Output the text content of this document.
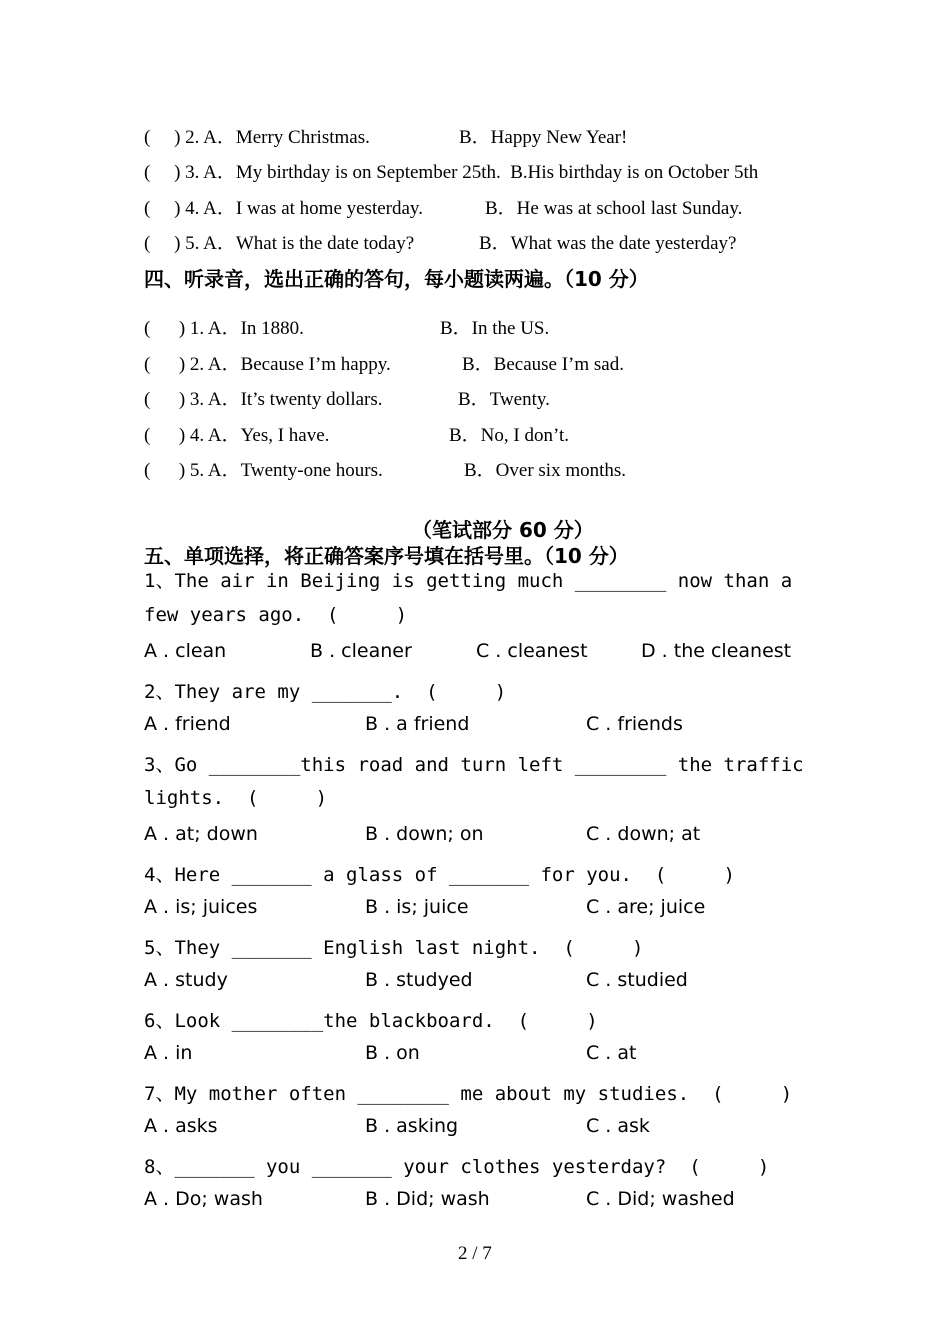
(     ) 2. A．Merry Christmas.	B．Happy New Year!
(     ) 3. A．My birthday is on September 25th.  B.His birthday is on October 5th
(     ) 4. A．I was at home yesterday.	B．He was at school last Sunday.
(     ) 5. A．What is the date today?	B．What was the date yesterday?
四、听录音，选出正确的答句，每小题读两遍。（10 分）
(      ) 1. A．In 1880.	B．In the US.
(      ) 2. A．Because I’m happy.	B．Because I’m sad.
(      ) 3. A．It’s twenty dollars.	B．Twenty.
(      ) 4. A．Yes, I have.	B．No, I don’t.
(      ) 5. A．Twenty-one hours.	B．Over six months.
（笔试部分 60 分）
五、单项选择，将正确答案序号填在括号里。（10 分）
1、The air in Beijing is getting much ________ now than a
few years ago.  (     )
A . clean	B . cleaner	C . cleanest	D . the cleanest
2、They are my _______.  (     )
A . friend	B . a friend	C . friends
3、Go ________this road and turn left ________ the traffic
lights.  (     )
A . at; down	B . down; on	C . down; at
4、Here _______ a glass of _______ for you.  (     )
A . is; juices	B . is; juice	C . are; juice
5、They _______ English last night.  (     )
A . study	B . studyed	C . studied
6、Look ________the blackboard.  (     )
A . in	B . on	C . at
7、My mother often ________ me about my studies.  (     )
A . asks	B . asking	C . ask
8、_______ you _______ your clothes yesterday?  (     )
A . Do; wash	B . Did; wash	C . Did; washed
2 / 7
